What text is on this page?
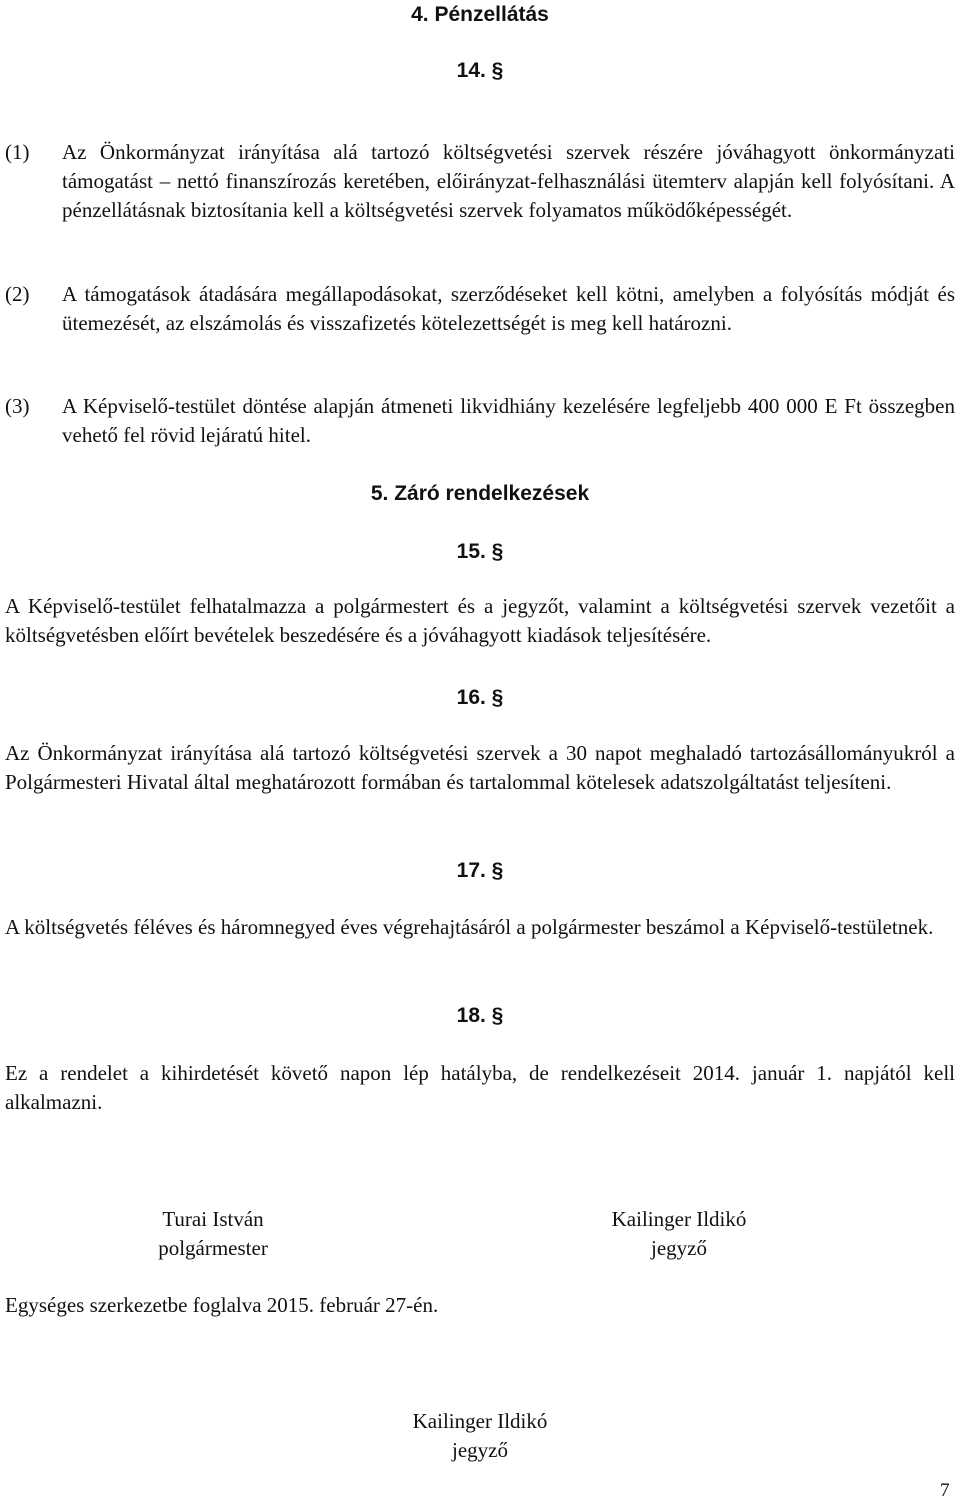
4. Pénzellátás
14. §
(1)	Az Önkormányzat irányítása alá tartozó költségvetési szervek részére jóváhagyott önkormányzati támogatást – nettó finanszírozás keretében, előirányzat-felhasználási ütemterv alapján kell folyósítani. A pénzellátásnak biztosítania kell a költségvetési szervek folyamatos működőképességét.
(2)	A támogatások átadására megállapodásokat, szerződéseket kell kötni, amelyben a folyósítás módját és ütemezését, az elszámolás és visszafizetés kötelezettségét is meg kell határozni.
(3)	A Képviselő-testület döntése alapján átmeneti likvidhiány kezelésére legfeljebb 400 000 E Ft összegben vehető fel rövid lejáratú hitel.
5. Záró rendelkezések
15. §
A Képviselő-testület felhatalmazza a polgármestert és a jegyzőt, valamint a költségvetési szervek vezetőit a költségvetésben előírt bevételek beszedésére és a jóváhagyott kiadások teljesítésére.
16. §
Az Önkormányzat irányítása alá tartozó költségvetési szervek a 30 napot meghaladó tartozásállományukról a Polgármesteri Hivatal által meghatározott formában és tartalommal kötelesek adatszolgáltatást teljesíteni.
17. §
A költségvetés féléves és háromnegyed éves végrehajtásáról a polgármester beszámol a Képviselő-testületnek.
18. §
Ez a rendelet a kihirdetését követő napon lép hatályba, de rendelkezéseit 2014. január 1. napjától kell alkalmazni.
Turai István
polgármester
Kailinger Ildikó
jegyző
Egységes szerkezetbe foglalva 2015. február 27-én.
Kailinger Ildikó
jegyző
7
